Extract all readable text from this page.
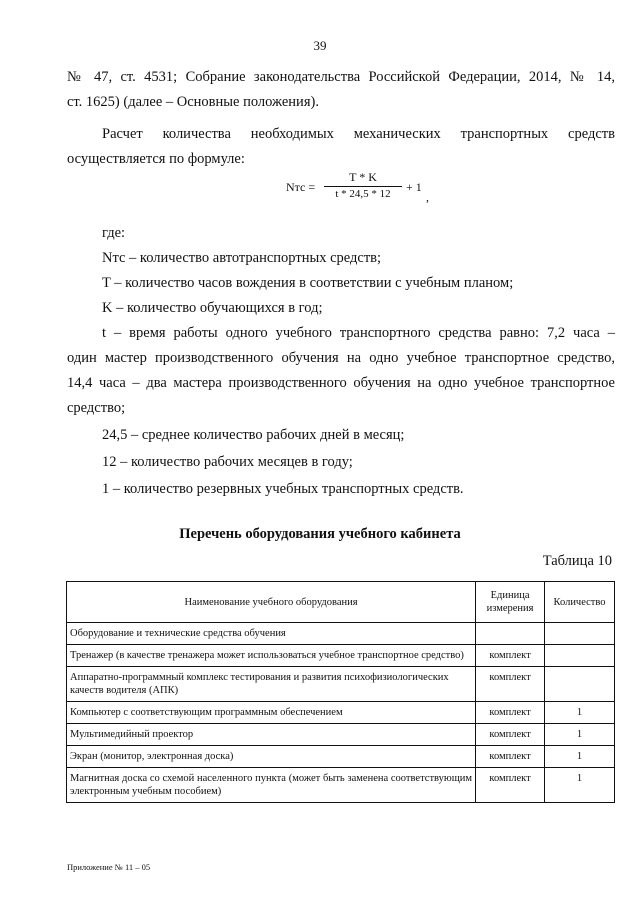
39
№ 47, ст. 4531; Собрание законодательства Российской Федерации, 2014, № 14,
ст. 1625) (далее – Основные положения).
Расчет количества необходимых механических транспортных средств
осуществляется по формуле:
Nтс = $\frac{T * K}{t * 24,5 * 12} + 1$
,
где:
Nтс – количество автотранспортных средств;
T – количество часов вождения в соответствии с учебным планом;
K – количество обучающихся в год;
t – время работы одного учебного транспортного средства равно: 7,2 часа –
один мастер производственного обучения на одно учебное транспортное средство,
14,4 часа – два мастера производственного обучения на одно учебное транспортное
средство;
24,5 – среднее количество рабочих дней в месяц;
12 – количество рабочих месяцев в году;
1 – количество резервных учебных транспортных средств.
Перечень оборудования учебного кабинета
Таблица 10
Наименование учебного оборудования	Единица измерения	Количество
Оборудование и технические средства обучения		
Тренажер (в качестве тренажера может использоваться учебное транспортное средство)	комплект	
Аппаратно-программный комплекс тестирования и развития психофизиологических качеств водителя (АПК)	комплект	
Компьютер с соответствующим программным обеспечением	комплект	1
Мультимедийный проектор	комплект	1
Экран (монитор, электронная доска)	комплект	1
Магнитная доска со схемой населенного пункта (может быть заменена соответствующим электронным учебным пособием)	комплект	1
Приложение № 11 – 05
